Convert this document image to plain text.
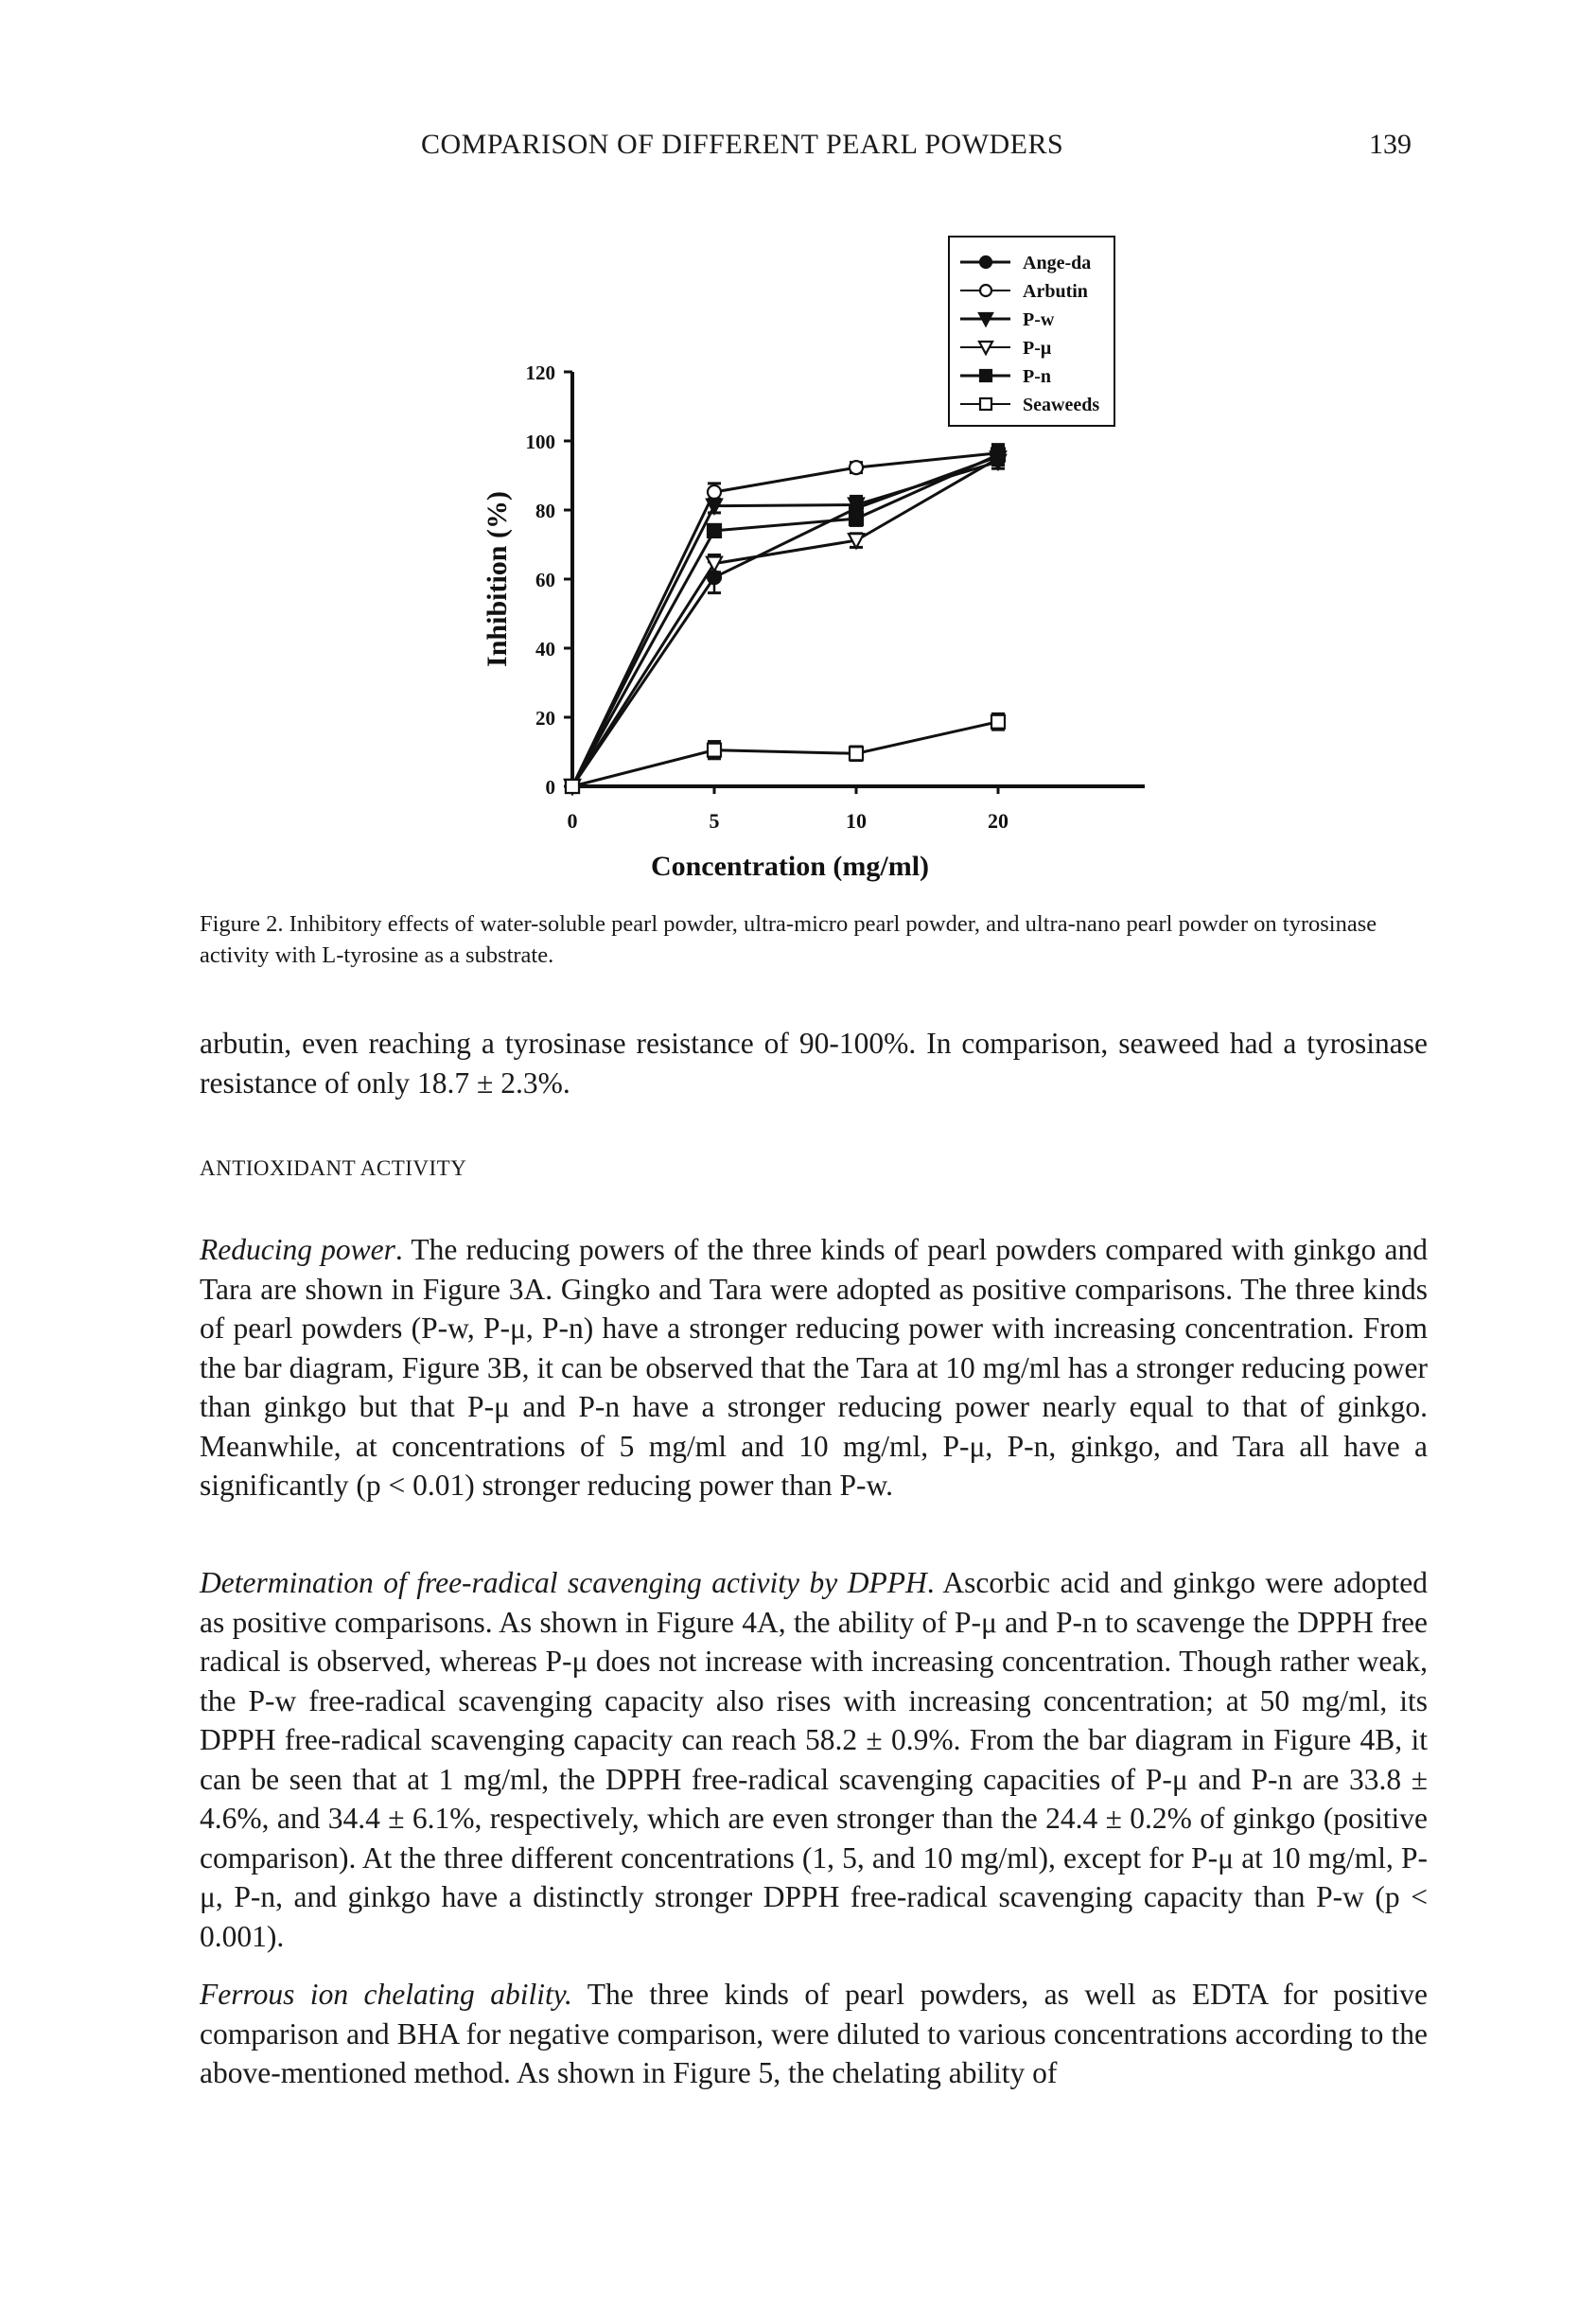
COMPARISON OF DIFFERENT PEARL POWDERS	139
0
20
40
60
80
100
120
0	5	10	20
Concentration (mg/ml)
Inhibition (%)
Ange-da
Arbutin
P-w
P-μ
P-n
Seaweeds
Figure 2. Inhibitory effects of water-soluble pearl powder, ultra-micro pearl powder, and ultra-nano pearl powder on tyrosinase activity with L-tyrosine as a substrate.

arbutin, even reaching a tyrosinase resistance of 90-100%. In comparison, seaweed had a tyrosinase resistance of only 18.7 ± 2.3%.

ANTIOXIDANT ACTIVITY

Reducing power. The reducing powers of the three kinds of pearl powders compared with ginkgo and Tara are shown in Figure 3A. Gingko and Tara were adopted as positive comparisons. The three kinds of pearl powders (P-w, P-μ, P-n) have a stronger reducing power with increasing concentration. From the bar diagram, Figure 3B, it can be observed that the Tara at 10 mg/ml has a stronger reducing power than ginkgo but that P-μ and P-n have a stronger reducing power nearly equal to that of ginkgo. Meanwhile, at concentrations of 5 mg/ml and 10 mg/ml, P-μ, P-n, ginkgo, and Tara all have a significantly (p < 0.01) stronger reducing power than P-w.

Determination of free-radical scavenging activity by DPPH. Ascorbic acid and ginkgo were adopted as positive comparisons. As shown in Figure 4A, the ability of P-μ and P-n to scavenge the DPPH free radical is observed, whereas P-μ does not increase with increasing concentration. Though rather weak, the P-w free-radical scavenging capacity also rises with increasing concentration; at 50 mg/ml, its DPPH free-radical scavenging capacity can reach 58.2 ± 0.9%. From the bar diagram in Figure 4B, it can be seen that at 1 mg/ml, the DPPH free-radical scavenging capacities of P-μ and P-n are 33.8 ± 4.6%, and 34.4 ± 6.1%, respectively, which are even stronger than the 24.4 ± 0.2% of ginkgo (positive comparison). At the three different concentrations (1, 5, and 10 mg/ml), except for P-μ at 10 mg/ml, P-μ, P-n, and ginkgo have a distinctly stronger DPPH free-radical scavenging capacity than P-w (p < 0.001).

Ferrous ion chelating ability. The three kinds of pearl powders, as well as EDTA for positive comparison and BHA for negative comparison, were diluted to various concentrations according to the above-mentioned method. As shown in Figure 5, the chelating ability of
